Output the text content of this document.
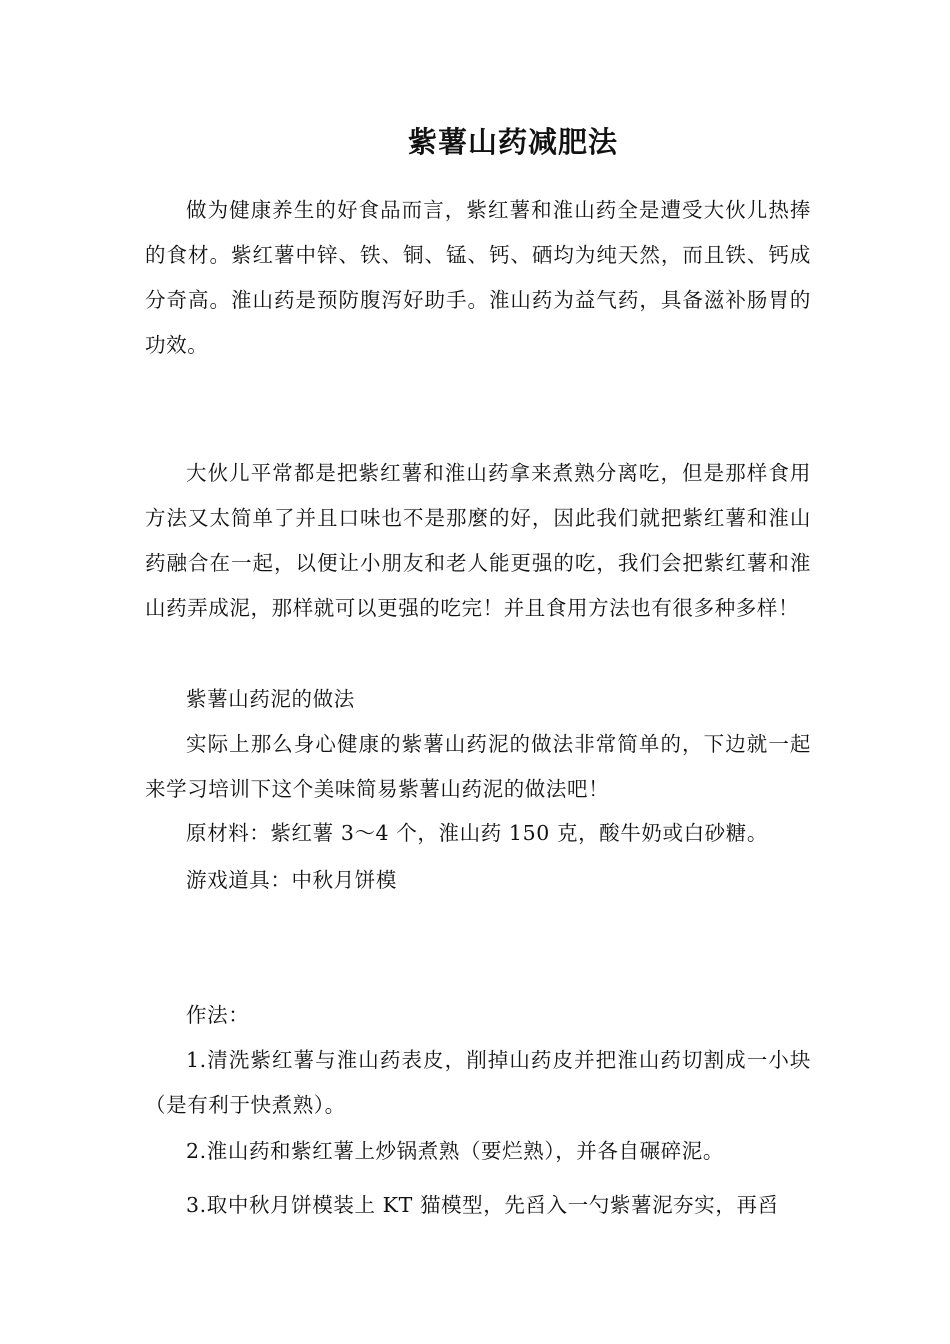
紫薯山药减肥法

做为健康养生的好食品而言，紫红薯和淮山药全是遭受大伙儿热捧的食材。紫红薯中锌、铁、铜、锰、钙、硒均为纯天然，而且铁、钙成分奇高。淮山药是预防腹泻好助手。淮山药为益气药，具备滋补肠胃的功效。

大伙儿平常都是把紫红薯和淮山药拿来煮熟分离吃，但是那样食用方法又太简单了并且口味也不是那麼的好，因此我们就把紫红薯和淮山药融合在一起，以便让小朋友和老人能更强的吃，我们会把紫红薯和淮山药弄成泥，那样就可以更强的吃完！并且食用方法也有很多种多样！

紫薯山药泥的做法

实际上那么身心健康的紫薯山药泥的做法非常简单的，下边就一起来学习培训下这个美味简易紫薯山药泥的做法吧！

原材料：紫红薯 3～4 个，淮山药 150 克，酸牛奶或白砂糖。

游戏道具：中秋月饼模

作法：

1.清洗紫红薯与淮山药表皮，削掉山药皮并把淮山药切割成一小块（是有利于快煮熟）。

2.淮山药和紫红薯上炒锅煮熟（要烂熟），并各自碾碎泥。

3.取中秋月饼模装上 KT 猫模型，先舀入一勺紫薯泥夯实，再舀
